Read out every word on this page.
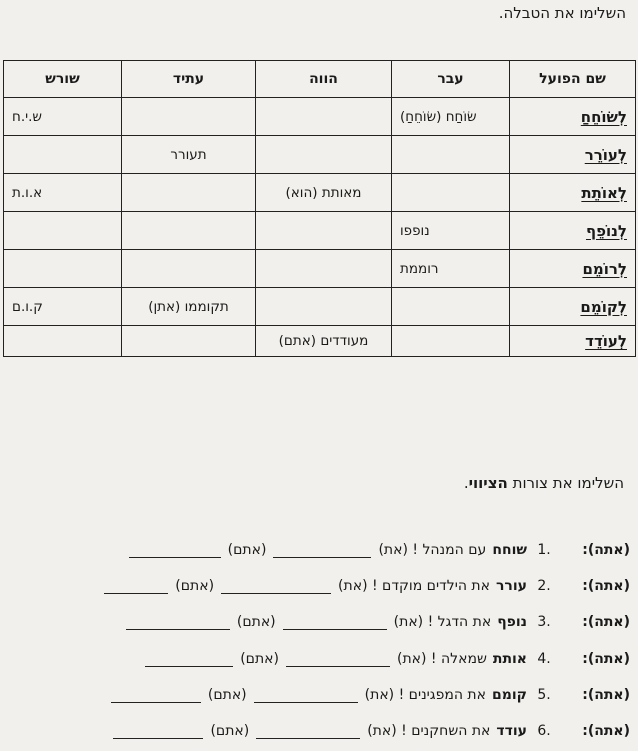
השלימו את הטבלה.
שם הפועל	עבר	הווה	עתיד	שורש
לְשׂוֹחֵחַ	שׂוֹחַח (שׂוֹחֵחַ)			ש.י.ח
לְעוֹרֵר			תעורר	
לְאוֹתֵת		מאותת (הוא)		א.ו.ת
לְנוֹפֵף	נופפו			
לְרוֹמֵם	רוממת			
לְקוֹמֵם			תקוממו (אתן)	ק.ו.ם
לְעוֹדֵד		מעודדים (אתם)		
השלימו את צורות הציווי.
(אתה):
.1
שוחח
עם המנהל ! (את)
(אתם)
(אתה):
.2
עורר
את הילדים מוקדם ! (את)
(אתם)
(אתה):
.3
נופף
את הדגל ! (את)
(אתם)
(אתה):
.4
אותת
שמאלה ! (את)
(אתם)
(אתה):
.5
קומם
את המפגינים ! (את)
(אתם)
(אתה):
.6
עודד
את השחקנים ! (את)
(אתם)
